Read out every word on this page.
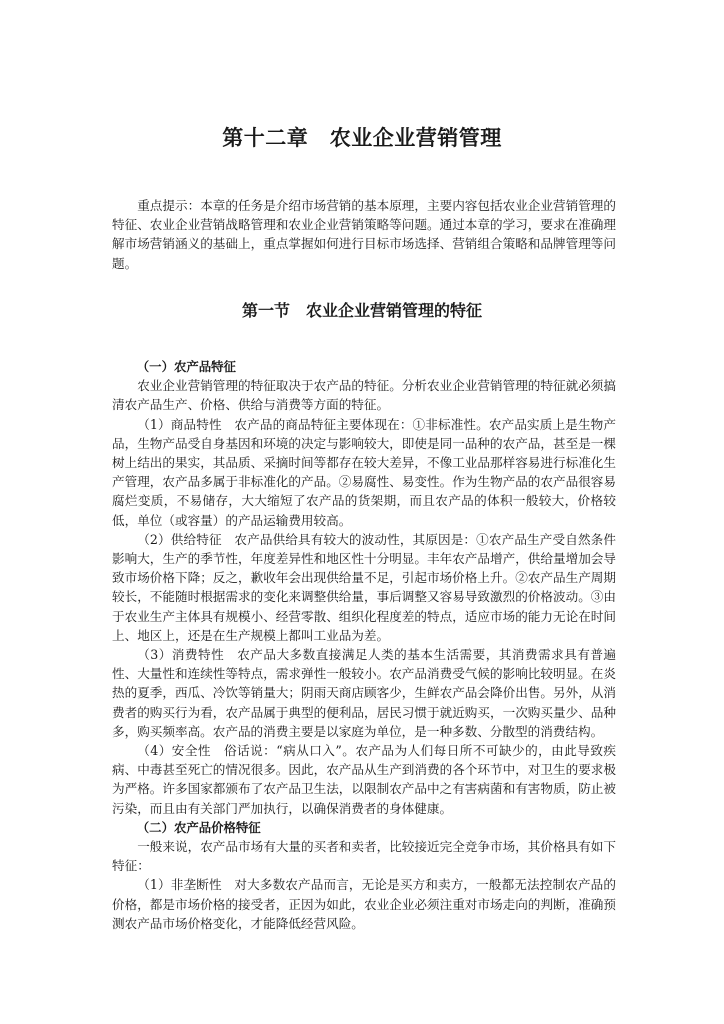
第十二章　农业企业营销管理

重点提示：本章的任务是介绍市场营销的基本原理，主要内容包括农业企业营销管理的特征、农业企业营销战略管理和农业企业营销策略等问题。通过本章的学习，要求在准确理解市场营销涵义的基础上，重点掌握如何进行目标市场选择、营销组合策略和品牌管理等问题。

第一节　农业企业营销管理的特征

（一）农产品特征

农业企业营销管理的特征取决于农产品的特征。分析农业企业营销管理的特征就必须搞清农产品生产、价格、供给与消费等方面的特征。

（1）商品特性　农产品的商品特征主要体现在：①非标准性。农产品实质上是生物产品，生物产品受自身基因和环境的决定与影响较大，即使是同一品种的农产品，甚至是一棵树上结出的果实，其品质、采摘时间等都存在较大差异，不像工业品那样容易进行标准化生产管理，农产品多属于非标准化的产品。②易腐性、易变性。作为生物产品的农产品很容易腐烂变质，不易储存，大大缩短了农产品的货架期，而且农产品的体积一般较大，价格较低，单位（或容量）的产品运输费用较高。

（2）供给特征　农产品供给具有较大的波动性，其原因是：①农产品生产受自然条件影响大，生产的季节性，年度差异性和地区性十分明显。丰年农产品增产，供给量增加会导致市场价格下降；反之，歉收年会出现供给量不足，引起市场价格上升。②农产品生产周期较长，不能随时根据需求的变化来调整供给量，事后调整又容易导致激烈的价格波动。③由于农业生产主体具有规模小、经营零散、组织化程度差的特点，适应市场的能力无论在时间上、地区上，还是在生产规模上都叫工业品为差。

（3）消费特性　农产品大多数直接满足人类的基本生活需要，其消费需求具有普遍性、大量性和连续性等特点，需求弹性一般较小。农产品消费受气候的影响比较明显。在炎热的夏季，西瓜、冷饮等销量大；阴雨天商店顾客少，生鲜农产品会降价出售。另外，从消费者的购买行为看，农产品属于典型的便利品，居民习惯于就近购买，一次购买量少、品种多，购买频率高。农产品的消费主要是以家庭为单位，是一种多数、分散型的消费结构。

（4）安全性　俗话说：“病从口入”。农产品为人们每日所不可缺少的，由此导致疾病、中毒甚至死亡的情况很多。因此，农产品从生产到消费的各个环节中，对卫生的要求极为严格。许多国家都颁布了农产品卫生法，以限制农产品中之有害病菌和有害物质，防止被污染，而且由有关部门严加执行，以确保消费者的身体健康。

（二）农产品价格特征

一般来说，农产品市场有大量的买者和卖者，比较接近完全竞争市场，其价格具有如下特征：

（1）非垄断性　对大多数农产品而言，无论是买方和卖方，一般都无法控制农产品的价格，都是市场价格的接受者，正因为如此，农业企业必须注重对市场走向的判断，准确预测农产品市场价格变化，才能降低经营风险。
